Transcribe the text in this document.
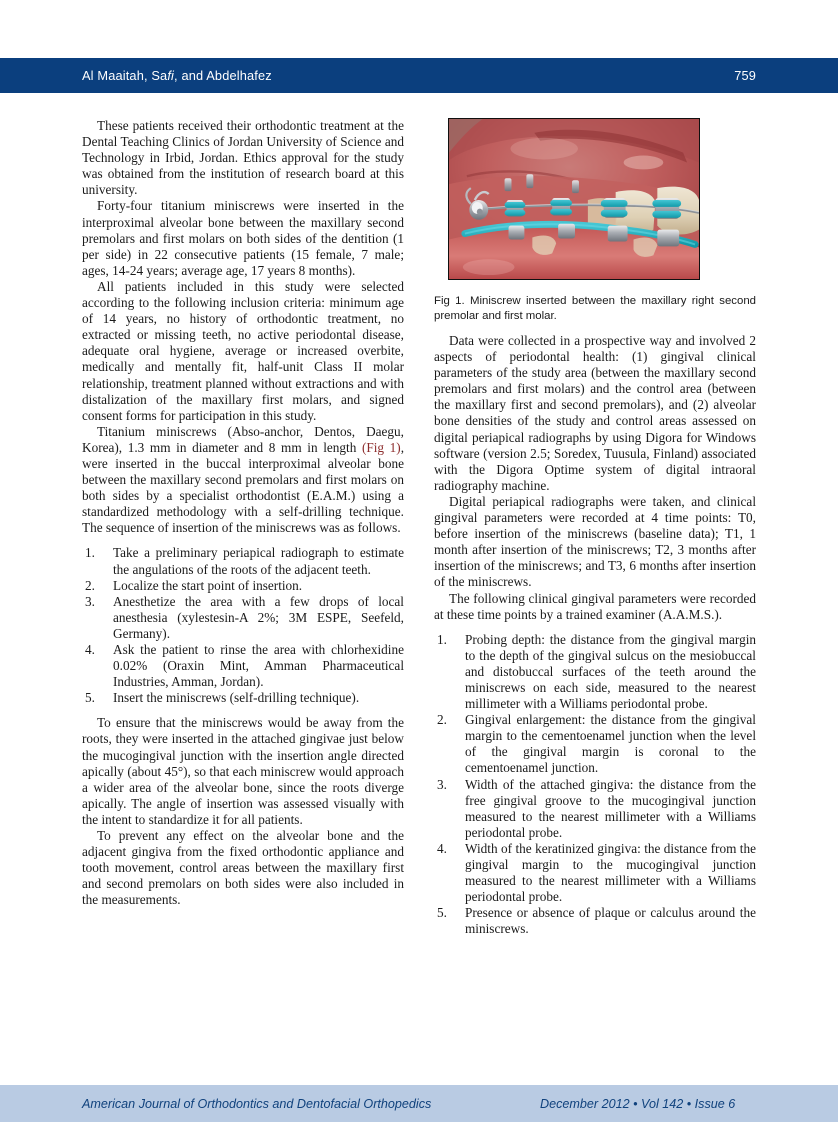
Al Maaitah, Safi, and Abdelhafez	759

These patients received their orthodontic treatment at the Dental Teaching Clinics of Jordan University of Science and Technology in Irbid, Jordan. Ethics approval for the study was obtained from the institution of research board at this university.

Forty-four titanium miniscrews were inserted in the interproximal alveolar bone between the maxillary second premolars and first molars on both sides of the dentition (1 per side) in 22 consecutive patients (15 female, 7 male; ages, 14-24 years; average age, 17 years 8 months).

All patients included in this study were selected according to the following inclusion criteria: minimum age of 14 years, no history of orthodontic treatment, no extracted or missing teeth, no active periodontal disease, adequate oral hygiene, average or increased overbite, medically and mentally fit, half-unit Class II molar relationship, treatment planned without extractions and with distalization of the maxillary first molars, and signed consent forms for participation in this study.

Titanium miniscrews (Abso-anchor, Dentos, Daegu, Korea), 1.3 mm in diameter and 8 mm in length (Fig 1), were inserted in the buccal interproximal alveolar bone between the maxillary second premolars and first molars on both sides by a specialist orthodontist (E.A.M.) using a standardized methodology with a self-drilling technique. The sequence of insertion of the miniscrews was as follows.

Take a preliminary periapical radiograph to estimate the angulations of the roots of the adjacent teeth.
Localize the start point of insertion.
Anesthetize the area with a few drops of local anesthesia (xylestesin-A 2%; 3M ESPE, Seefeld, Germany).
Ask the patient to rinse the area with chlorhexidine 0.02% (Oraxin Mint, Amman Pharmaceutical Industries, Amman, Jordan).
Insert the miniscrews (self-drilling technique).

To ensure that the miniscrews would be away from the roots, they were inserted in the attached gingivae just below the mucogingival junction with the insertion angle directed apically (about 45°), so that each miniscrew would approach a wider area of the alveolar bone, since the roots diverge apically. The angle of insertion was assessed visually with the intent to standardize it for all patients.

To prevent any effect on the alveolar bone and the adjacent gingiva from the fixed orthodontic appliance and tooth movement, control areas between the maxillary first and second premolars on both sides were also included in the measurements.

Fig 1. Miniscrew inserted between the maxillary right second premolar and first molar.

Data were collected in a prospective way and involved 2 aspects of periodontal health: (1) gingival clinical parameters of the study area (between the maxillary second premolars and first molars) and the control area (between the maxillary first and second premolars), and (2) alveolar bone densities of the study and control areas assessed on digital periapical radiographs by using Digora for Windows software (version 2.5; Soredex, Tuusula, Finland) associated with the Digora Optime system of digital intraoral radiography machine.

Digital periapical radiographs were taken, and clinical gingival parameters were recorded at 4 time points: T0, before insertion of the miniscrews (baseline data); T1, 1 month after insertion of the miniscrews; T2, 3 months after insertion of the miniscrews; and T3, 6 months after insertion of the miniscrews.

The following clinical gingival parameters were recorded at these time points by a trained examiner (A.A.M.S.).

Probing depth: the distance from the gingival margin to the depth of the gingival sulcus on the mesiobuccal and distobuccal surfaces of the teeth around the miniscrews on each side, measured to the nearest millimeter with a Williams periodontal probe.
Gingival enlargement: the distance from the gingival margin to the cementoenamel junction when the level of the gingival margin is coronal to the cementoenamel junction.
Width of the attached gingiva: the distance from the free gingival groove to the mucogingival junction measured to the nearest millimeter with a Williams periodontal probe.
Width of the keratinized gingiva: the distance from the gingival margin to the mucogingival junction measured to the nearest millimeter with a Williams periodontal probe.
Presence or absence of plaque or calculus around the miniscrews.
American Journal of Orthodontics and Dentofacial Orthopedics	December 2012 • Vol 142 • Issue 6
